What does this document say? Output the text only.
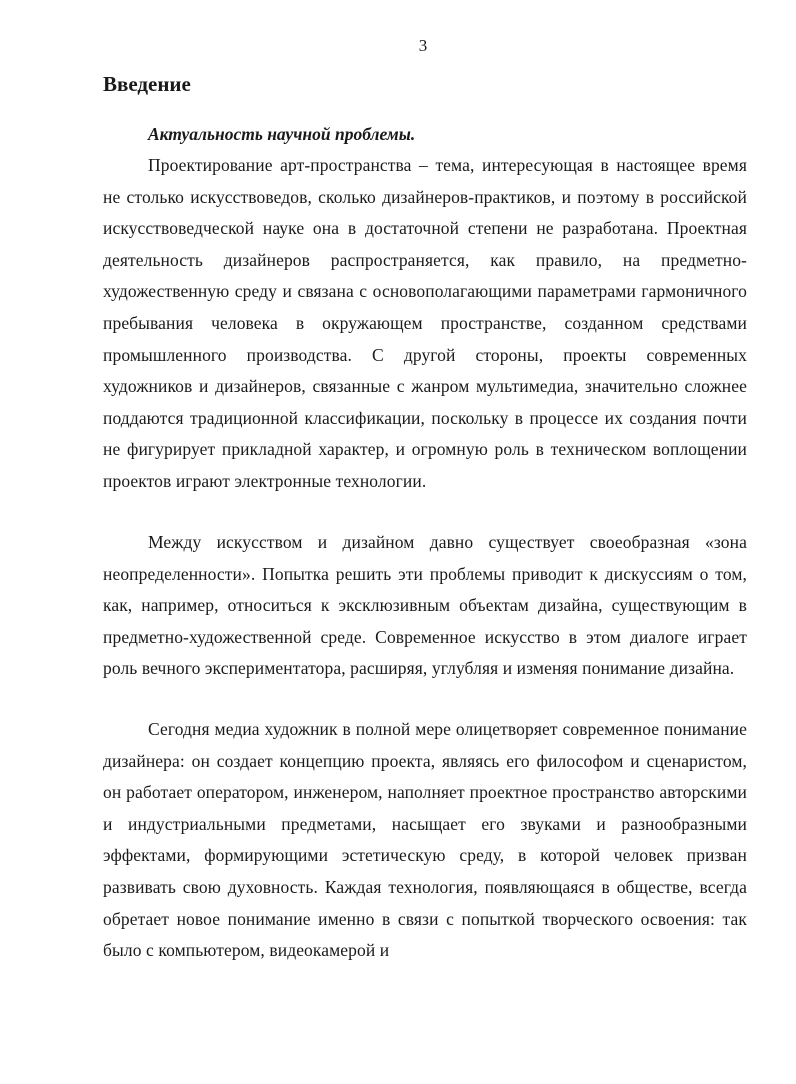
3
Введение
Актуальность научной проблемы.

Проектирование арт-пространства – тема, интересующая в настоящее время не столько искусствоведов, сколько дизайнеров-практиков, и поэтому в российской искусствоведческой науке она в достаточной степени не разработана. Проектная деятельность дизайнеров распространяется, как правило, на предметно-художественную среду и связана с основополагающими параметрами гармоничного пребывания человека в окружающем пространстве, созданном средствами промышленного производства. С другой стороны, проекты современных художников и дизайнеров, связанные с жанром мультимедиа, значительно сложнее поддаются традиционной классификации, поскольку в процессе их создания почти не фигурирует прикладной характер, и огромную роль в техническом воплощении проектов играют электронные технологии.

Между искусством и дизайном давно существует своеобразная «зона неопределенности». Попытка решить эти проблемы приводит к дискуссиям о том, как, например, относиться к эксклюзивным объектам дизайна, существующим в предметно-художественной среде. Современное искусство в этом диалоге играет роль вечного экспериментатора, расширяя, углубляя и изменяя понимание дизайна.

Сегодня медиа художник в полной мере олицетворяет современное понимание дизайнера: он создает концепцию проекта, являясь его философом и сценаристом, он работает оператором, инженером, наполняет проектное пространство авторскими и индустриальными предметами, насыщает его звуками и разнообразными эффектами, формирующими эстетическую среду, в которой человек призван развивать свою духовность. Каждая технология, появляющаяся в обществе, всегда обретает новое понимание именно в связи с попыткой творческого освоения: так было с компьютером, видеокамерой и
